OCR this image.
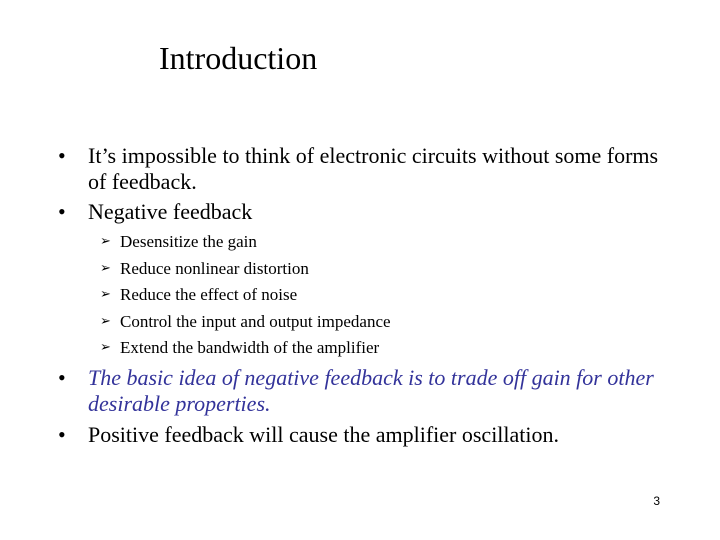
Introduction
•	It’s impossible to think of electronic circuits without some forms of feedback.
•	Negative feedback
➢ Desensitize the gain
➢ Reduce nonlinear distortion
➢ Reduce the effect of noise
➢ Control the input and output impedance
➢ Extend the bandwidth of the amplifier
•	The basic idea of negative feedback is to trade off gain for other desirable properties.
•	Positive feedback will cause the amplifier oscillation.
3
